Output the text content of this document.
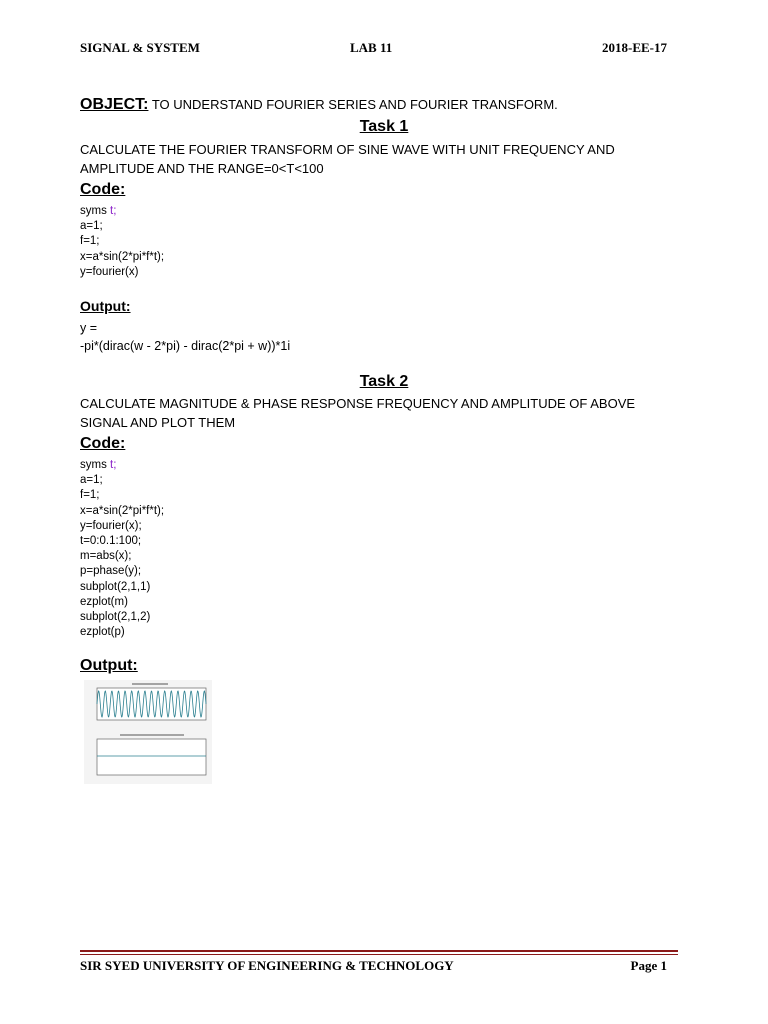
SIGNAL & SYSTEM	LAB 11	2018-EE-17
OBJECT: TO UNDERSTAND FOURIER SERIES AND FOURIER TRANSFORM.
Task 1
CALCULATE THE FOURIER TRANSFORM OF SINE WAVE WITH UNIT FREQUENCY AND
AMPLITUDE AND THE RANGE=0<T<100
Code:
syms t;
a=1;
f=1;
x=a*sin(2*pi*f*t);
y=fourier(x)
Output:
y =
-pi*(dirac(w - 2*pi) - dirac(2*pi + w))*1i
Task 2
CALCULATE MAGNITUDE & PHASE RESPONSE FREQUENCY AND AMPLITUDE OF ABOVE
SIGNAL AND PLOT THEM
Code:
syms t;
a=1;
f=1;
x=a*sin(2*pi*f*t);
y=fourier(x);
t=0:0.1:100;
m=abs(x);
p=phase(y);
subplot(2,1,1)
ezplot(m)
subplot(2,1,2)
ezplot(p)
Output:
SIR SYED UNIVERSITY OF ENGINEERING & TECHNOLOGY	Page 1
